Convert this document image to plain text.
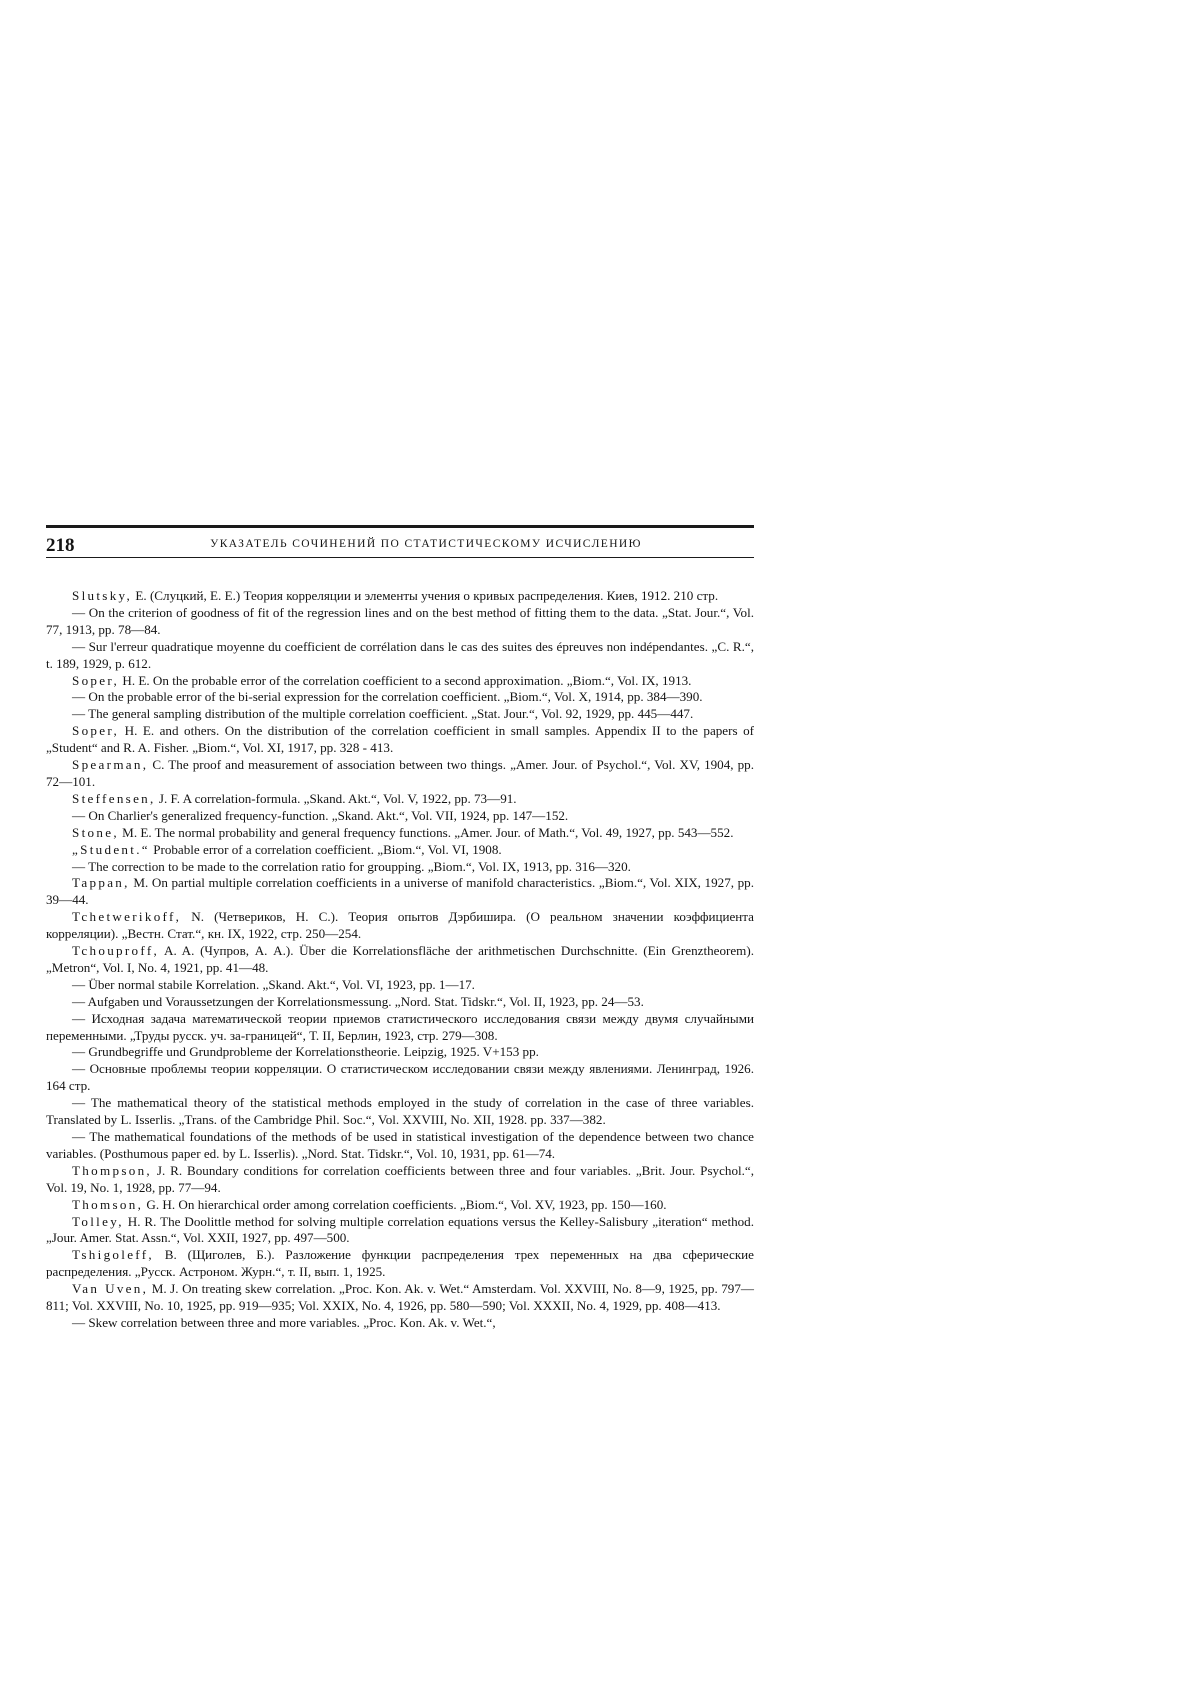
218	УКАЗАТЕЛЬ СОЧИНЕНИЙ ПО СТАТИСТИЧЕСКОМУ ИСЧИСЛЕНИЮ

Slutsky, E. (Слуцкий, Е. Е.) Теория корреляции и элементы учения о кривых распределения. Киев, 1912. 210 стр.

— On the criterion of goodness of fit of the regression lines and on the best method of fitting them to the data. „Stat. Jour.“, Vol. 77, 1913, pp. 78—84.

— Sur l'erreur quadratique moyenne du coefficient de corrélation dans le cas des suites des épreuves non indépendantes. „C. R.“, t. 189, 1929, p. 612.

Soper, H. E. On the probable error of the correlation coefficient to a second approximation. „Biom.“, Vol. IX, 1913.

— On the probable error of the bi-serial expression for the correlation coefficient. „Biom.“, Vol. X, 1914, pp. 384—390.

— The general sampling distribution of the multiple correlation coefficient. „Stat. Jour.“, Vol. 92, 1929, pp. 445—447.

Soper, H. E. and others. On the distribution of the correlation coefficient in small samples. Appendix II to the papers of „Student“ and R. A. Fisher. „Biom.“, Vol. XI, 1917, pp. 328 - 413.

Spearman, C. The proof and measurement of association between two things. „Amer. Jour. of Psychol.“, Vol. XV, 1904, pp. 72—101.

Steffensen, J. F. A correlation-formula. „Skand. Akt.“, Vol. V, 1922, pp. 73—91.

— On Charlier's generalized frequency-function. „Skand. Akt.“, Vol. VII, 1924, pp. 147—152.

Stone, M. E. The normal probability and general frequency functions. „Amer. Jour. of Math.“, Vol. 49, 1927, pp. 543—552.

„Student.“ Probable error of a correlation coefficient. „Biom.“, Vol. VI, 1908.

— The correction to be made to the correlation ratio for groupping. „Biom.“, Vol. IX, 1913, pp. 316—320.

Tappan, M. On partial multiple correlation coefficients in a universe of manifold characteristics. „Biom.“, Vol. XIX, 1927, pp. 39—44.

Tchetwerikoff, N. (Четвериков, Н. С.). Теория опытов Дэрбишира. (О реальном значении коэффициента корреляции). „Вестн. Стат.“, кн. IX, 1922, стр. 250—254.

Tchouproff, A. A. (Чупров, А. А.). Über die Korrelationsfläche der arithmetischen Durchschnitte. (Ein Grenztheorem). „Metron“, Vol. I, No. 4, 1921, pp. 41—48.

— Über normal stabile Korrelation. „Skand. Akt.“, Vol. VI, 1923, pp. 1—17.

— Aufgaben und Voraussetzungen der Korrelationsmessung. „Nord. Stat. Tidskr.“, Vol. II, 1923, pp. 24—53.

— Исходная задача математической теории приемов статистического исследования связи между двумя случайными переменными. „Труды русск. уч. за-границей“, Т. II, Берлин, 1923, стр. 279—308.

— Grundbegriffe und Grundprobleme der Korrelationstheorie. Leipzig, 1925. V+153 pp.

— Основные проблемы теории корреляции. О статистическом исследовании связи между явлениями. Ленинград, 1926. 164 стр.

— The mathematical theory of the statistical methods employed in the study of correlation in the case of three variables. Translated by L. Isserlis. „Trans. of the Cambridge Phil. Soc.“, Vol. XXVIII, No. XII, 1928. pp. 337—382.

— The mathematical foundations of the methods of be used in statistical investigation of the dependence between two chance variables. (Posthumous paper ed. by L. Isserlis). „Nord. Stat. Tidskr.“, Vol. 10, 1931, pp. 61—74.

Thompson, J. R. Boundary conditions for correlation coefficients between three and four variables. „Brit. Jour. Psychol.“, Vol. 19, No. 1, 1928, pp. 77—94.

Thomson, G. H. On hierarchical order among correlation coefficients. „Biom.“, Vol. XV, 1923, pp. 150—160.

Tolley, H. R. The Doolittle method for solving multiple correlation equations versus the Kelley-Salisbury „iteration“ method. „Jour. Amer. Stat. Assn.“, Vol. XXII, 1927, pp. 497—500.

Tshigoleff, B. (Щиголев, Б.). Разложение функции распределения трех переменных на два сферические распределения. „Русск. Астроном. Журн.“, т. II, вып. 1, 1925.

Van Uven, M. J. On treating skew correlation. „Proc. Kon. Ak. v. Wet.“ Amsterdam. Vol. XXVIII, No. 8—9, 1925, pp. 797—811; Vol. XXVIII, No. 10, 1925, pp. 919—935; Vol. XXIX, No. 4, 1926, pp. 580—590; Vol. XXXII, No. 4, 1929, pp. 408—413.

— Skew correlation between three and more variables. „Proc. Kon. Ak. v. Wet.“,
